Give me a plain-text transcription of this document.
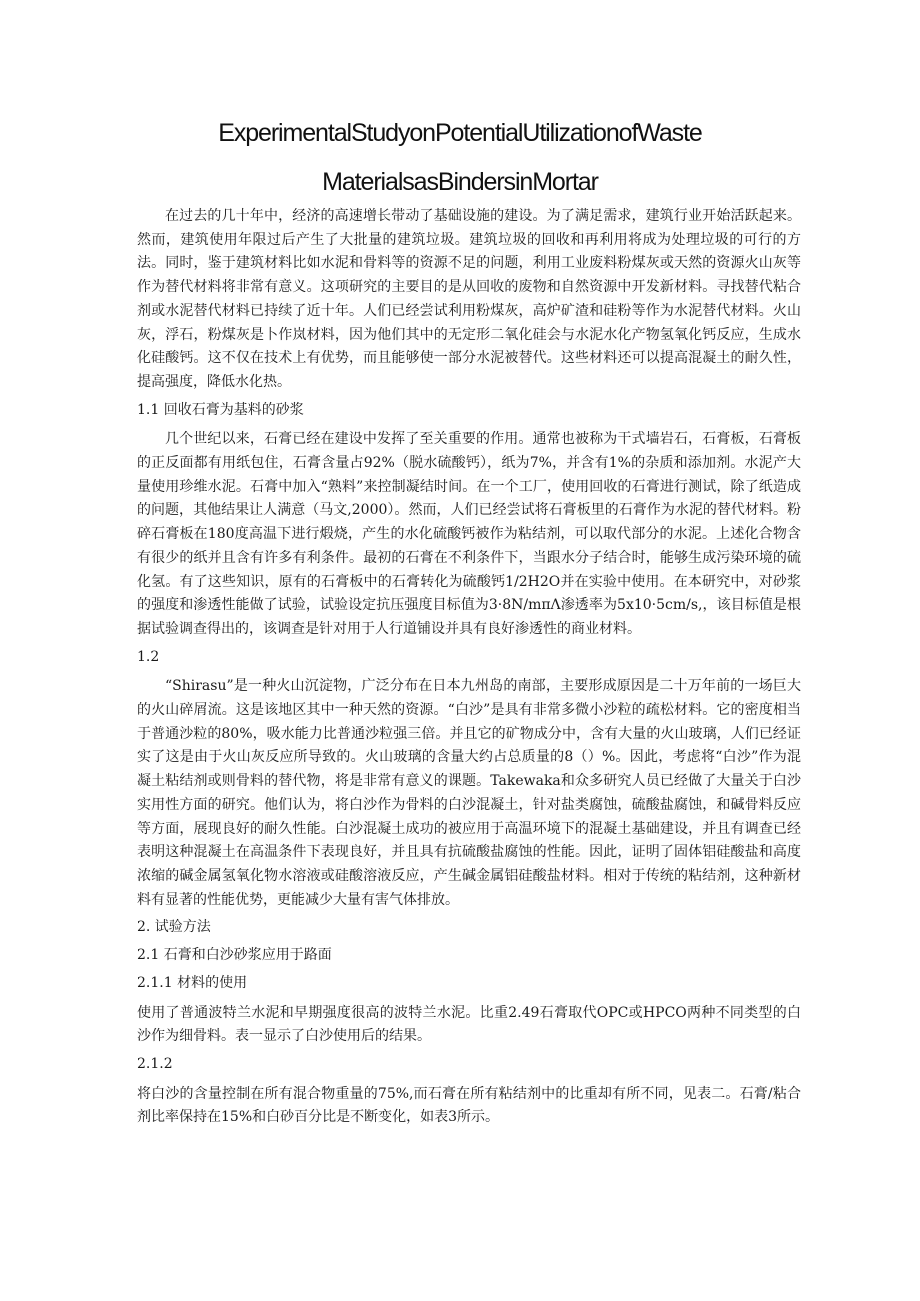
ExperimentalStudyonPotentialUtilizationofWaste
MaterialsasBindersinMortar

在过去的几十年中，经济的高速增长带动了基础设施的建设。为了满足需求，建筑行业开始活跃起来。然而，建筑使用年限过后产生了大批量的建筑垃圾。建筑垃圾的回收和再利用将成为处理垃圾的可行的方法。同时，鉴于建筑材料比如水泥和骨料等的资源不足的问题，利用工业废料粉煤灰或天然的资源火山灰等作为替代材料将非常有意义。这项研究的主要目的是从回收的废物和自然资源中开发新材料。寻找替代粘合剂或水泥替代材料已持续了近十年。人们已经尝试利用粉煤灰，高炉矿渣和硅粉等作为水泥替代材料。火山灰，浮石，粉煤灰是卜作岚材料，因为他们其中的无定形二氧化硅会与水泥水化产物氢氧化钙反应，生成水化硅酸钙。这不仅在技术上有优势，而且能够使一部分水泥被替代。这些材料还可以提高混凝土的耐久性，提高强度，降低水化热。

1.1 回收石膏为基料的砂浆

几个世纪以来，石膏已经在建设中发挥了至关重要的作用。通常也被称为干式墙岩石，石膏板，石膏板的正反面都有用纸包住，石膏含量占92%（脱水硫酸钙），纸为7%，并含有1%的杂质和添加剂。水泥产大量使用珍维水泥。石膏中加入“熟料”来控制凝结时间。在一个工厂，使用回收的石膏进行测试，除了纸造成的问题，其他结果让人满意（马文,2000）。然而，人们已经尝试将石膏板里的石膏作为水泥的替代材料。粉碎石膏板在180度高温下进行煅烧，产生的水化硫酸钙被作为粘结剂，可以取代部分的水泥。上述化合物含有很少的纸并且含有许多有利条件。最初的石膏在不利条件下，当跟水分子结合时，能够生成污染环境的硫化氢。有了这些知识，原有的石膏板中的石膏转化为硫酸钙1/2H2O并在实验中使用。在本研究中，对砂浆的强度和渗透性能做了试验，试验设定抗压强度目标值为3·8N/mπΛ渗透率为5x10·5cm/s,，该目标值是根据试验调查得出的，该调查是针对用于人行道铺设并具有良好渗透性的商业材料。

1.2

“Shirasu”是一种火山沉淀物，广泛分布在日本九州岛的南部，主要形成原因是二十万年前的一场巨大的火山碎屑流。这是该地区其中一种天然的资源。“白沙”是具有非常多微小沙粒的疏松材料。它的密度相当于普通沙粒的80%，吸水能力比普通沙粒强三倍。并且它的矿物成分中，含有大量的火山玻璃，人们已经证实了这是由于火山灰反应所导致的。火山玻璃的含量大约占总质量的8（）%。因此，考虑将“白沙”作为混凝土粘结剂或则骨料的替代物，将是非常有意义的课题。Takewaka和众多研究人员已经做了大量关于白沙实用性方面的研究。他们认为，将白沙作为骨料的白沙混凝土，针对盐类腐蚀，硫酸盐腐蚀，和碱骨料反应等方面，展现良好的耐久性能。白沙混凝土成功的被应用于高温环境下的混凝土基础建设，并且有调查已经表明这种混凝土在高温条件下表现良好，并且具有抗硫酸盐腐蚀的性能。因此，证明了固体铝硅酸盐和高度浓缩的碱金属氢氧化物水溶液或硅酸溶液反应，产生碱金属铝硅酸盐材料。相对于传统的粘结剂，这种新材料有显著的性能优势，更能减少大量有害气体排放。

2. 试验方法

2.1 石膏和白沙砂浆应用于路面

2.1.1 材料的使用

使用了普通波特兰水泥和早期强度很高的波特兰水泥。比重2.49石膏取代OPC或HPCO两种不同类型的白沙作为细骨料。表一显示了白沙使用后的结果。

2.1.2

将白沙的含量控制在所有混合物重量的75%,而石膏在所有粘结剂中的比重却有所不同，见表二。石膏/粘合剂比率保持在15%和白砂百分比是不断变化，如表3所示。
